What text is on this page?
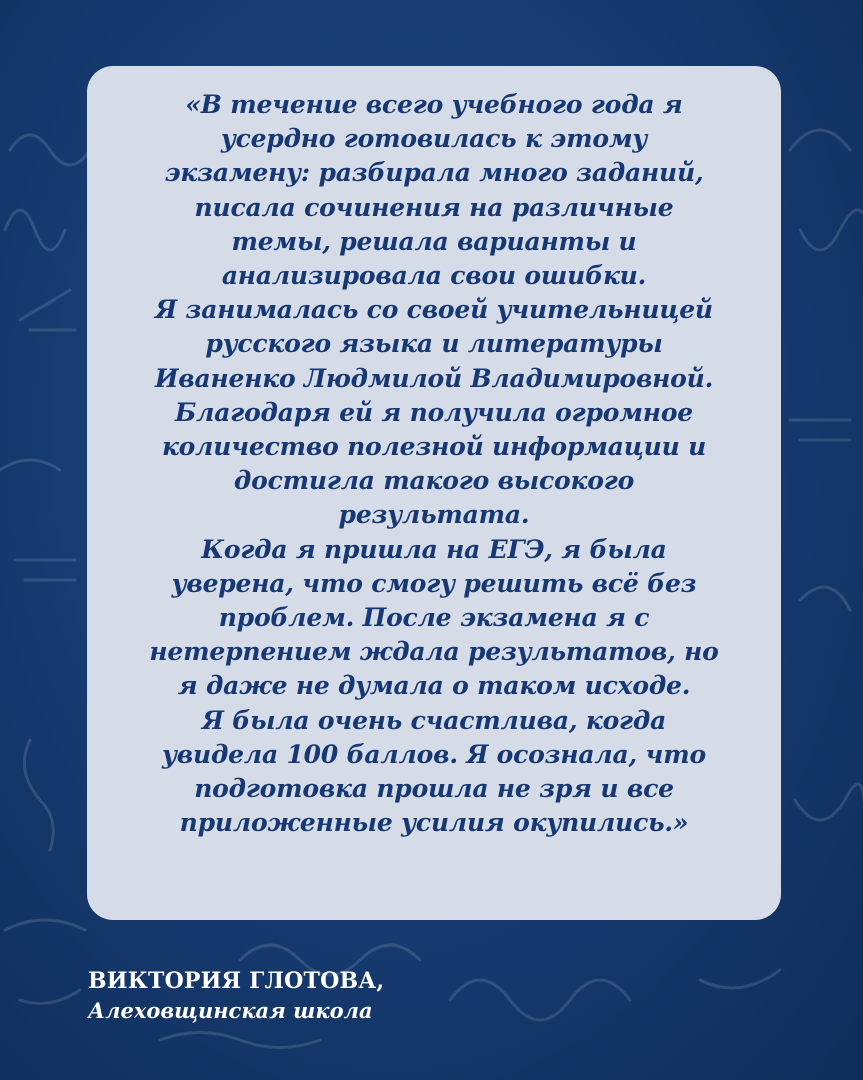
«В течение всего учебного года я
усердно готовилась к этому
экзамену: разбирала много заданий,
писала сочинения на различные
темы, решала варианты и
анализировала свои ошибки.
Я занималась со своей учительницей
русского языка и литературы
Иваненко Людмилой Владимировной.
Благодаря ей я получила огромное
количество полезной информации и
достигла такого высокого
результата.
Когда я пришла на ЕГЭ, я была
уверена, что смогу решить всё без
проблем. После экзамена я с
нетерпением ждала результатов, но
я даже не думала о таком исходе.
Я была очень счастлива, когда
увидела 100 баллов. Я осознала, что
подготовка прошла не зря и все
приложенные усилия окупились.»

ВИКТОРИЯ ГЛОТОВА,
Алеховщинская школа
